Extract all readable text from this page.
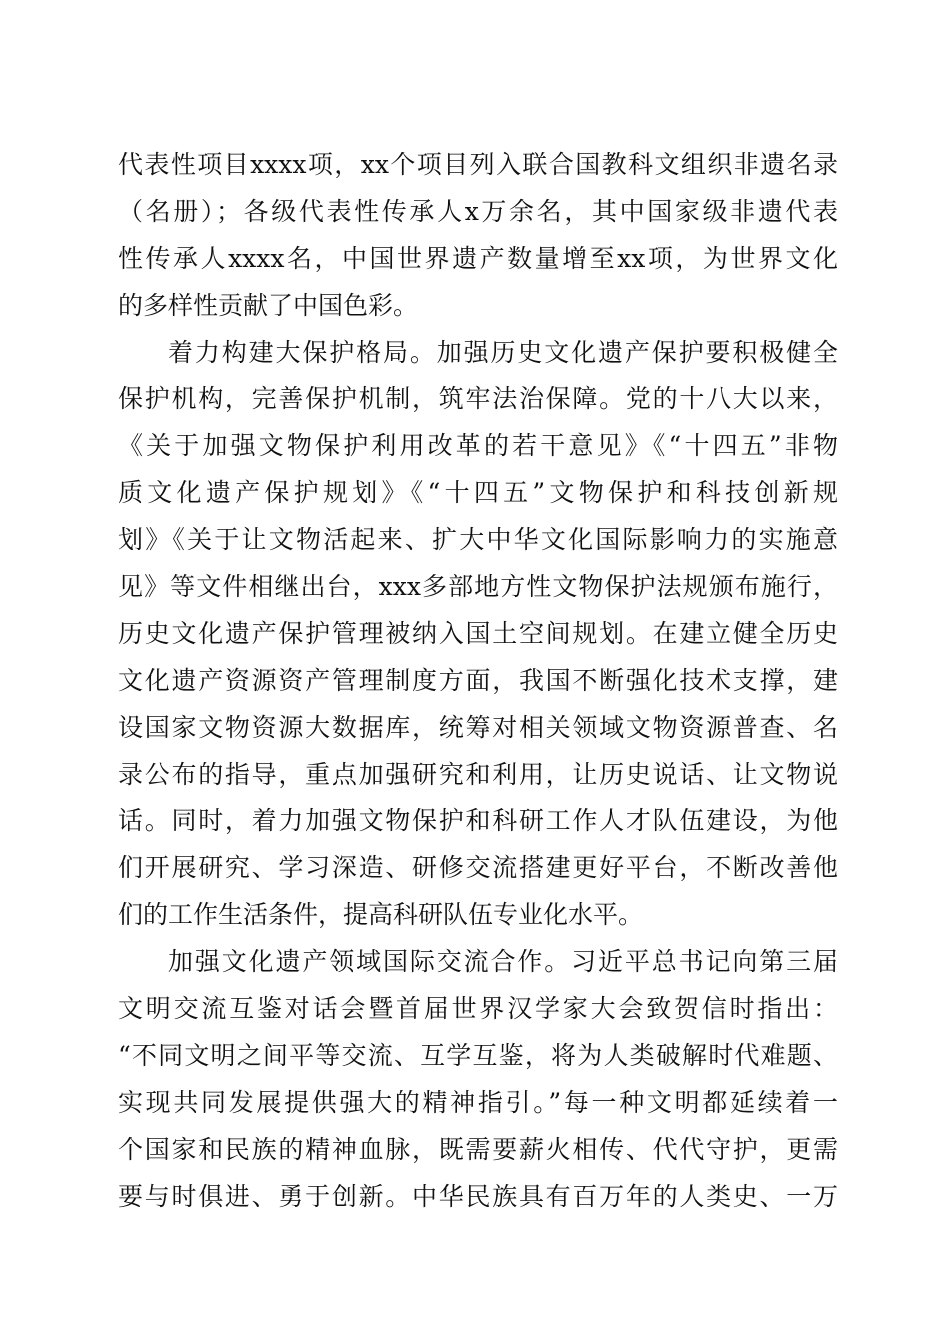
代表性项目xxxx项，xx个项目列入联合国教科文组织非遗名录
（名册）；各级代表性传承人x万余名，其中国家级非遗代表
性传承人xxxx名，中国世界遗产数量增至xx项，为世界文化
的多样性贡献了中国色彩。
着力构建大保护格局。加强历史文化遗产保护要积极健全
保护机构，完善保护机制，筑牢法治保障。党的十八大以来，
《关于加强文物保护利用改革的若干意见》《“十四五”非物
质文化遗产保护规划》《“十四五”文物保护和科技创新规
划》《关于让文物活起来、扩大中华文化国际影响力的实施意
见》等文件相继出台，xxx多部地方性文物保护法规颁布施行，
历史文化遗产保护管理被纳入国土空间规划。在建立健全历史
文化遗产资源资产管理制度方面，我国不断强化技术支撑，建
设国家文物资源大数据库，统筹对相关领域文物资源普查、名
录公布的指导，重点加强研究和利用，让历史说话、让文物说
话。同时，着力加强文物保护和科研工作人才队伍建设，为他
们开展研究、学习深造、研修交流搭建更好平台，不断改善他
们的工作生活条件，提高科研队伍专业化水平。
加强文化遗产领域国际交流合作。习近平总书记向第三届
文明交流互鉴对话会暨首届世界汉学家大会致贺信时指出：
“不同文明之间平等交流、互学互鉴，将为人类破解时代难题、
实现共同发展提供强大的精神指引。”每一种文明都延续着一
个国家和民族的精神血脉，既需要薪火相传、代代守护，更需
要与时俱进、勇于创新。中华民族具有百万年的人类史、一万
